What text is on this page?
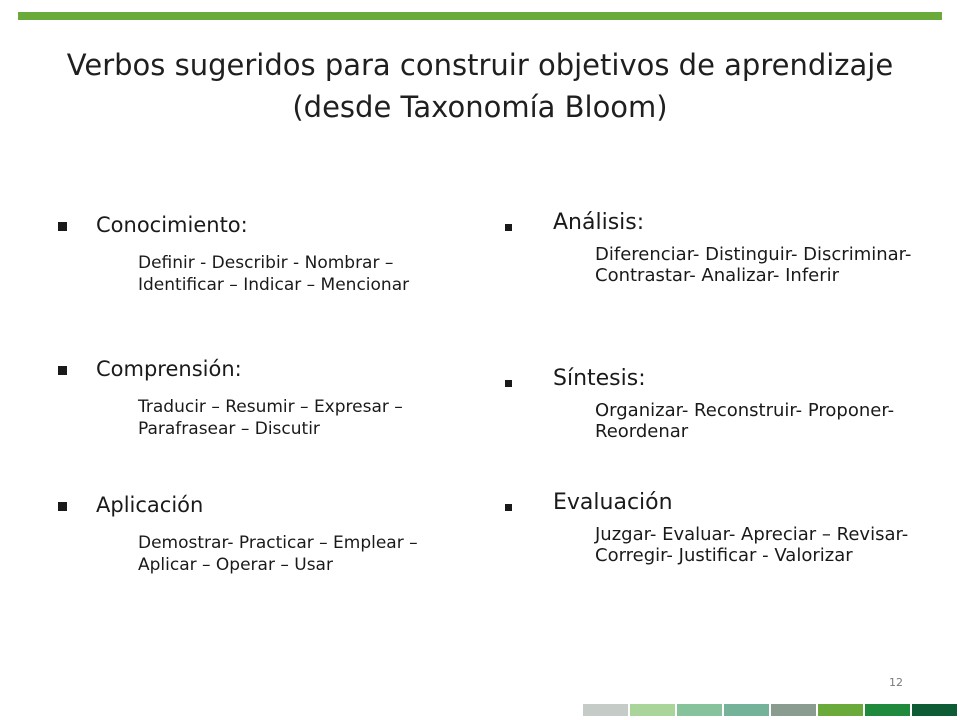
Verbos sugeridos para construir objetivos de aprendizaje (desde Taxonomía Bloom)
Conocimiento:
Definir - Describir - Nombrar – Identificar – Indicar – Mencionar
Comprensión:
Traducir – Resumir – Expresar – Parafrasear – Discutir
Aplicación
Demostrar- Practicar – Emplear – Aplicar – Operar – Usar
Análisis:
Diferenciar- Distinguir- Discriminar- Contrastar- Analizar- Inferir
Síntesis:
Organizar- Reconstruir- Proponer- Reordenar
Evaluación
Juzgar- Evaluar- Apreciar – Revisar- Corregir- Justificar - Valorizar
12
